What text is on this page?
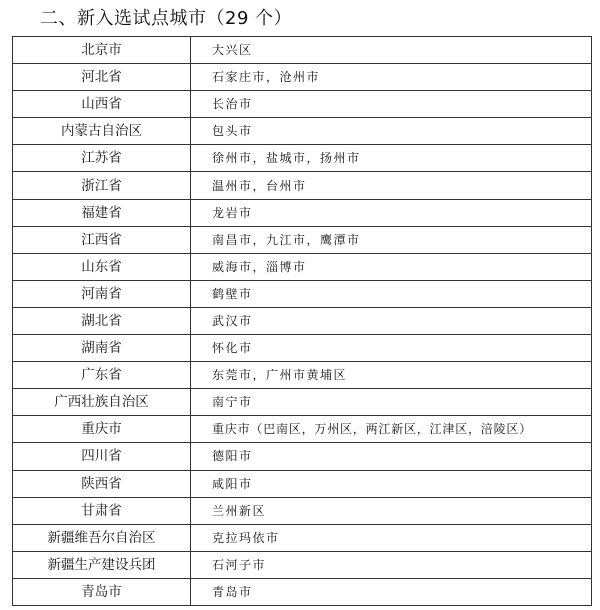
二、新入选试点城市（29 个）
北京市	大兴区
河北省	石家庄市，沧州市
山西省	长治市
内蒙古自治区	包头市
江苏省	徐州市，盐城市，扬州市
浙江省	温州市，台州市
福建省	龙岩市
江西省	南昌市，九江市，鹰潭市
山东省	威海市，淄博市
河南省	鹤壁市
湖北省	武汉市
湖南省	怀化市
广东省	东莞市，广州市黄埔区
广西壮族自治区	南宁市
重庆市	重庆市（巴南区，万州区，两江新区，江津区，涪陵区）
四川省	德阳市
陕西省	咸阳市
甘肃省	兰州新区
新疆维吾尔自治区	克拉玛依市
新疆生产建设兵团	石河子市
青岛市	青岛市
